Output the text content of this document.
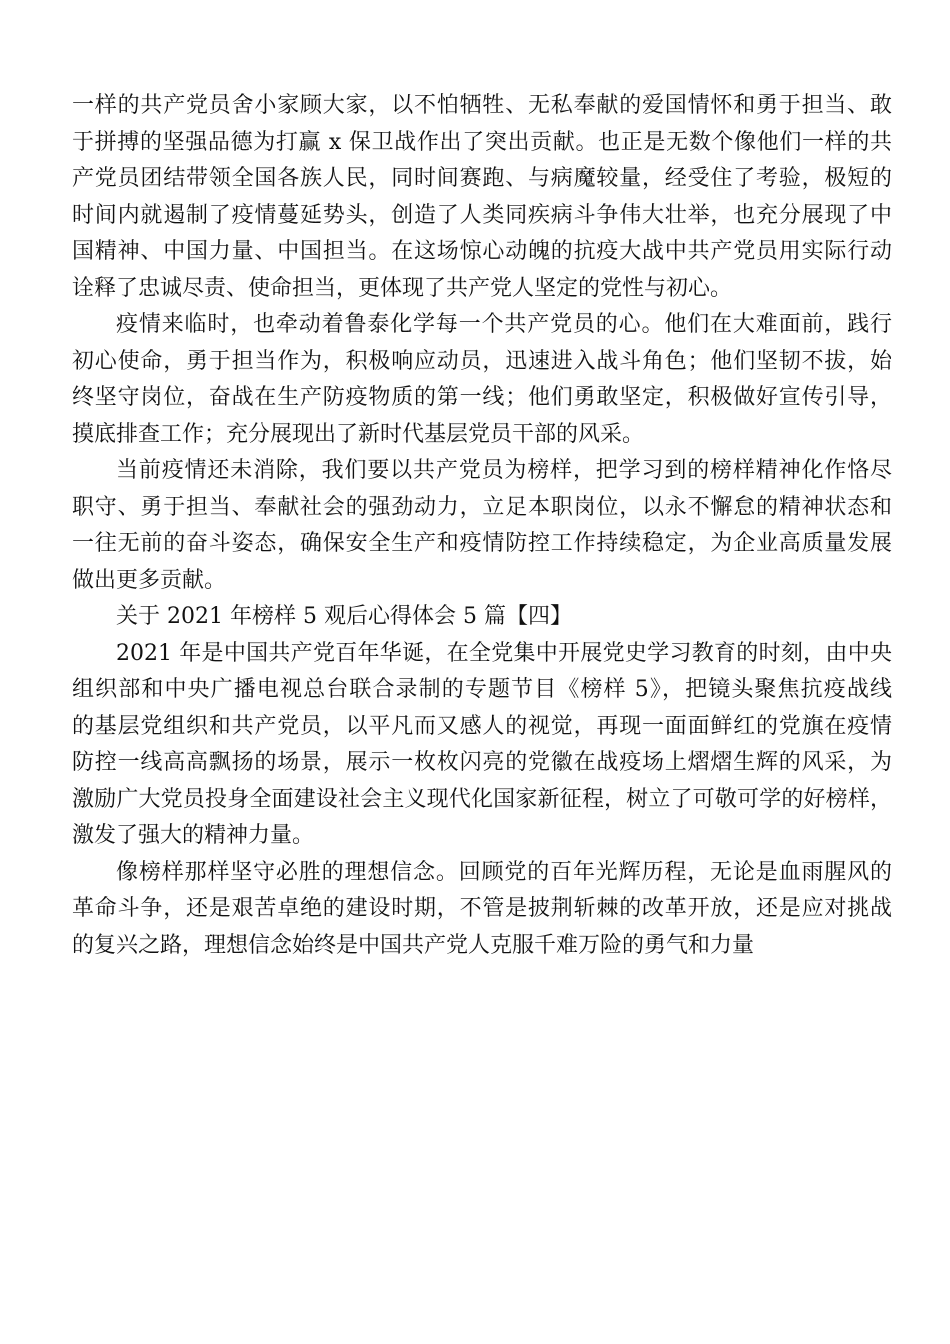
一样的共产党员舍小家顾大家，以不怕牺牲、无私奉献的爱国情怀和勇于担当、敢
于拼搏的坚强品德为打赢 x 保卫战作出了突出贡献。也正是无数个像他们一样的共
产党员团结带领全国各族人民，同时间赛跑、与病魔较量，经受住了考验，极短的
时间内就遏制了疫情蔓延势头，创造了人类同疾病斗争伟大壮举，也充分展现了中
国精神、中国力量、中国担当。在这场惊心动魄的抗疫大战中共产党员用实际行动
诠释了忠诚尽责、使命担当，更体现了共产党人坚定的党性与初心。
疫情来临时，也牵动着鲁泰化学每一个共产党员的心。他们在大难面前，践行
初心使命，勇于担当作为，积极响应动员，迅速进入战斗角色；他们坚韧不拔，始
终坚守岗位，奋战在生产防疫物质的第一线；他们勇敢坚定，积极做好宣传引导，
摸底排查工作；充分展现出了新时代基层党员干部的风采。
当前疫情还未消除，我们要以共产党员为榜样，把学习到的榜样精神化作恪尽
职守、勇于担当、奉献社会的强劲动力，立足本职岗位，以永不懈怠的精神状态和
一往无前的奋斗姿态，确保安全生产和疫情防控工作持续稳定，为企业高质量发展
做出更多贡献。
关于 2021 年榜样 5 观后心得体会 5 篇【四】
2021 年是中国共产党百年华诞，在全党集中开展党史学习教育的时刻，由中央
组织部和中央广播电视总台联合录制的专题节目《榜样 5》，把镜头聚焦抗疫战线
的基层党组织和共产党员，以平凡而又感人的视觉，再现一面面鲜红的党旗在疫情
防控一线高高飘扬的场景，展示一枚枚闪亮的党徽在战疫场上熠熠生辉的风采，为
激励广大党员投身全面建设社会主义现代化国家新征程，树立了可敬可学的好榜样，
激发了强大的精神力量。
像榜样那样坚守必胜的理想信念。回顾党的百年光辉历程，无论是血雨腥风的
革命斗争，还是艰苦卓绝的建设时期，不管是披荆斩棘的改革开放，还是应对挑战
的复兴之路，理想信念始终是中国共产党人克服千难万险的勇气和力量
